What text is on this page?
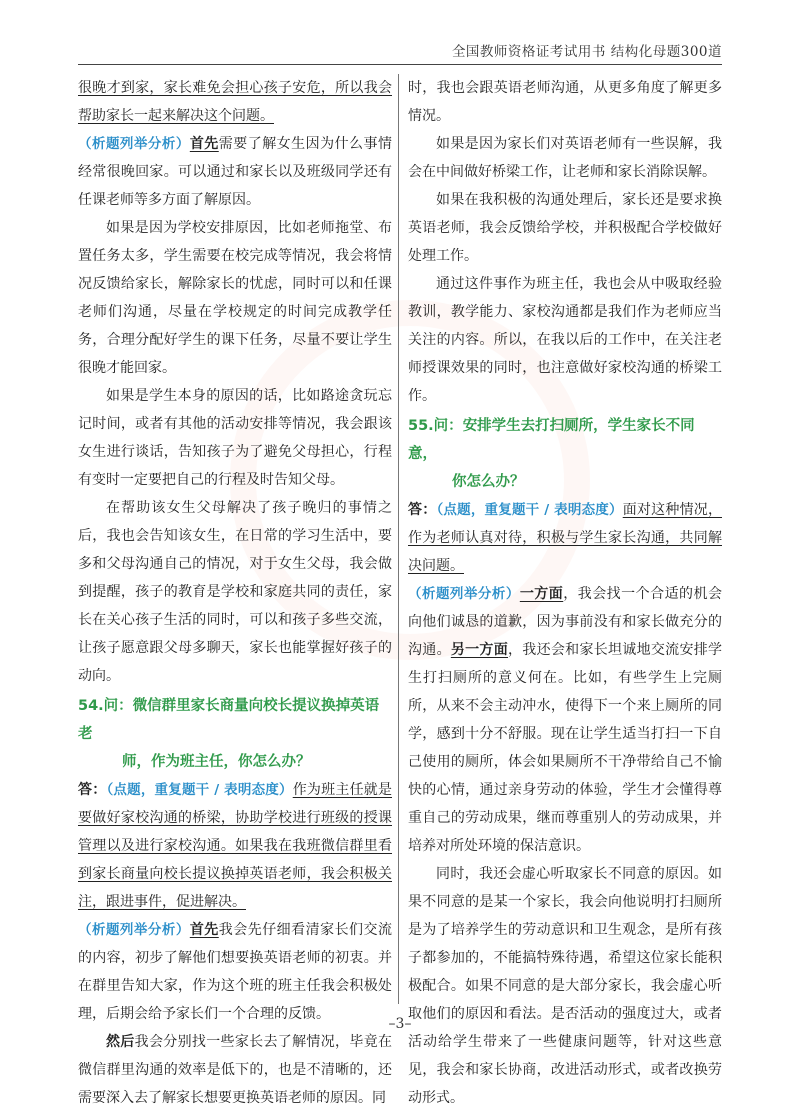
全国教师资格证考试用书 结构化母题300道

很晚才到家，家长难免会担心孩子安危，所以我会帮助家长一起来解决这个问题。

（析题列举分析）首先需要了解女生因为什么事情经常很晚回家。可以通过和家长以及班级同学还有任课老师等多方面了解原因。

如果是因为学校安排原因，比如老师拖堂、布置任务太多，学生需要在校完成等情况，我会将情况反馈给家长，解除家长的忧虑，同时可以和任课老师们沟通，尽量在学校规定的时间完成教学任务，合理分配好学生的课下任务，尽量不要让学生很晚才能回家。

如果是学生本身的原因的话，比如路途贪玩忘记时间，或者有其他的活动安排等情况，我会跟该女生进行谈话，告知孩子为了避免父母担心，行程有变时一定要把自己的行程及时告知父母。

在帮助该女生父母解决了孩子晚归的事情之后，我也会告知该女生，在日常的学习生活中，要多和父母沟通自己的情况，对于女生父母，我会做到提醒，孩子的教育是学校和家庭共同的责任，家长在关心孩子生活的同时，可以和孩子多些交流，让孩子愿意跟父母多聊天，家长也能掌握好孩子的动向。

54.问：微信群里家长商量向校长提议换掉英语老
师，作为班主任，你怎么办？

答：（点题，重复题干 / 表明态度）作为班主任就是要做好家校沟通的桥梁，协助学校进行班级的授课管理以及进行家校沟通。如果我在我班微信群里看到家长商量向校长提议换掉英语老师，我会积极关注，跟进事件，促进解决。

（析题列举分析）首先我会先仔细看清家长们交流的内容，初步了解他们想要换英语老师的初衷。并在群里告知大家，作为这个班的班主任我会积极处理，后期会给予家长们一个合理的反馈。

然后我会分别找一些家长去了解情况，毕竟在微信群里沟通的效率是低下的，也是不清晰的，还需要深入去了解家长想要更换英语老师的原因。同

时，我也会跟英语老师沟通，从更多角度了解更多情况。

如果是因为家长们对英语老师有一些误解，我会在中间做好桥梁工作，让老师和家长消除误解。

如果在我积极的沟通处理后，家长还是要求换英语老师，我会反馈给学校，并积极配合学校做好处理工作。

通过这件事作为班主任，我也会从中吸取经验教训，教学能力、家校沟通都是我们作为老师应当关注的内容。所以，在我以后的工作中，在关注老师授课效果的同时，也注意做好家校沟通的桥梁工作。

55.问：安排学生去打扫厕所，学生家长不同意，
你怎么办？

答：（点题，重复题干 / 表明态度）面对这种情况，作为老师认真对待，积极与学生家长沟通，共同解决问题。

（析题列举分析）一方面，我会找一个合适的机会向他们诚恳的道歉，因为事前没有和家长做充分的沟通。另一方面，我还会和家长坦诚地交流安排学生打扫厕所的意义何在。比如，有些学生上完厕所，从来不会主动冲水，使得下一个来上厕所的同学，感到十分不舒服。现在让学生适当打扫一下自己使用的厕所，体会如果厕所不干净带给自己不愉快的心情，通过亲身劳动的体验，学生才会懂得尊重自己的劳动成果，继而尊重别人的劳动成果，并培养对所处环境的保洁意识。

同时，我还会虚心听取家长不同意的原因。如果不同意的是某一个家长，我会向他说明打扫厕所是为了培养学生的劳动意识和卫生观念，是所有孩子都参加的，不能搞特殊待遇，希望这位家长能积极配合。如果不同意的是大部分家长，我会虚心听取他们的原因和看法。是否活动的强度过大，或者活动给学生带来了一些健康问题等，针对这些意见，我会和家长协商，改进活动形式，或者改换劳动形式。

–3–
